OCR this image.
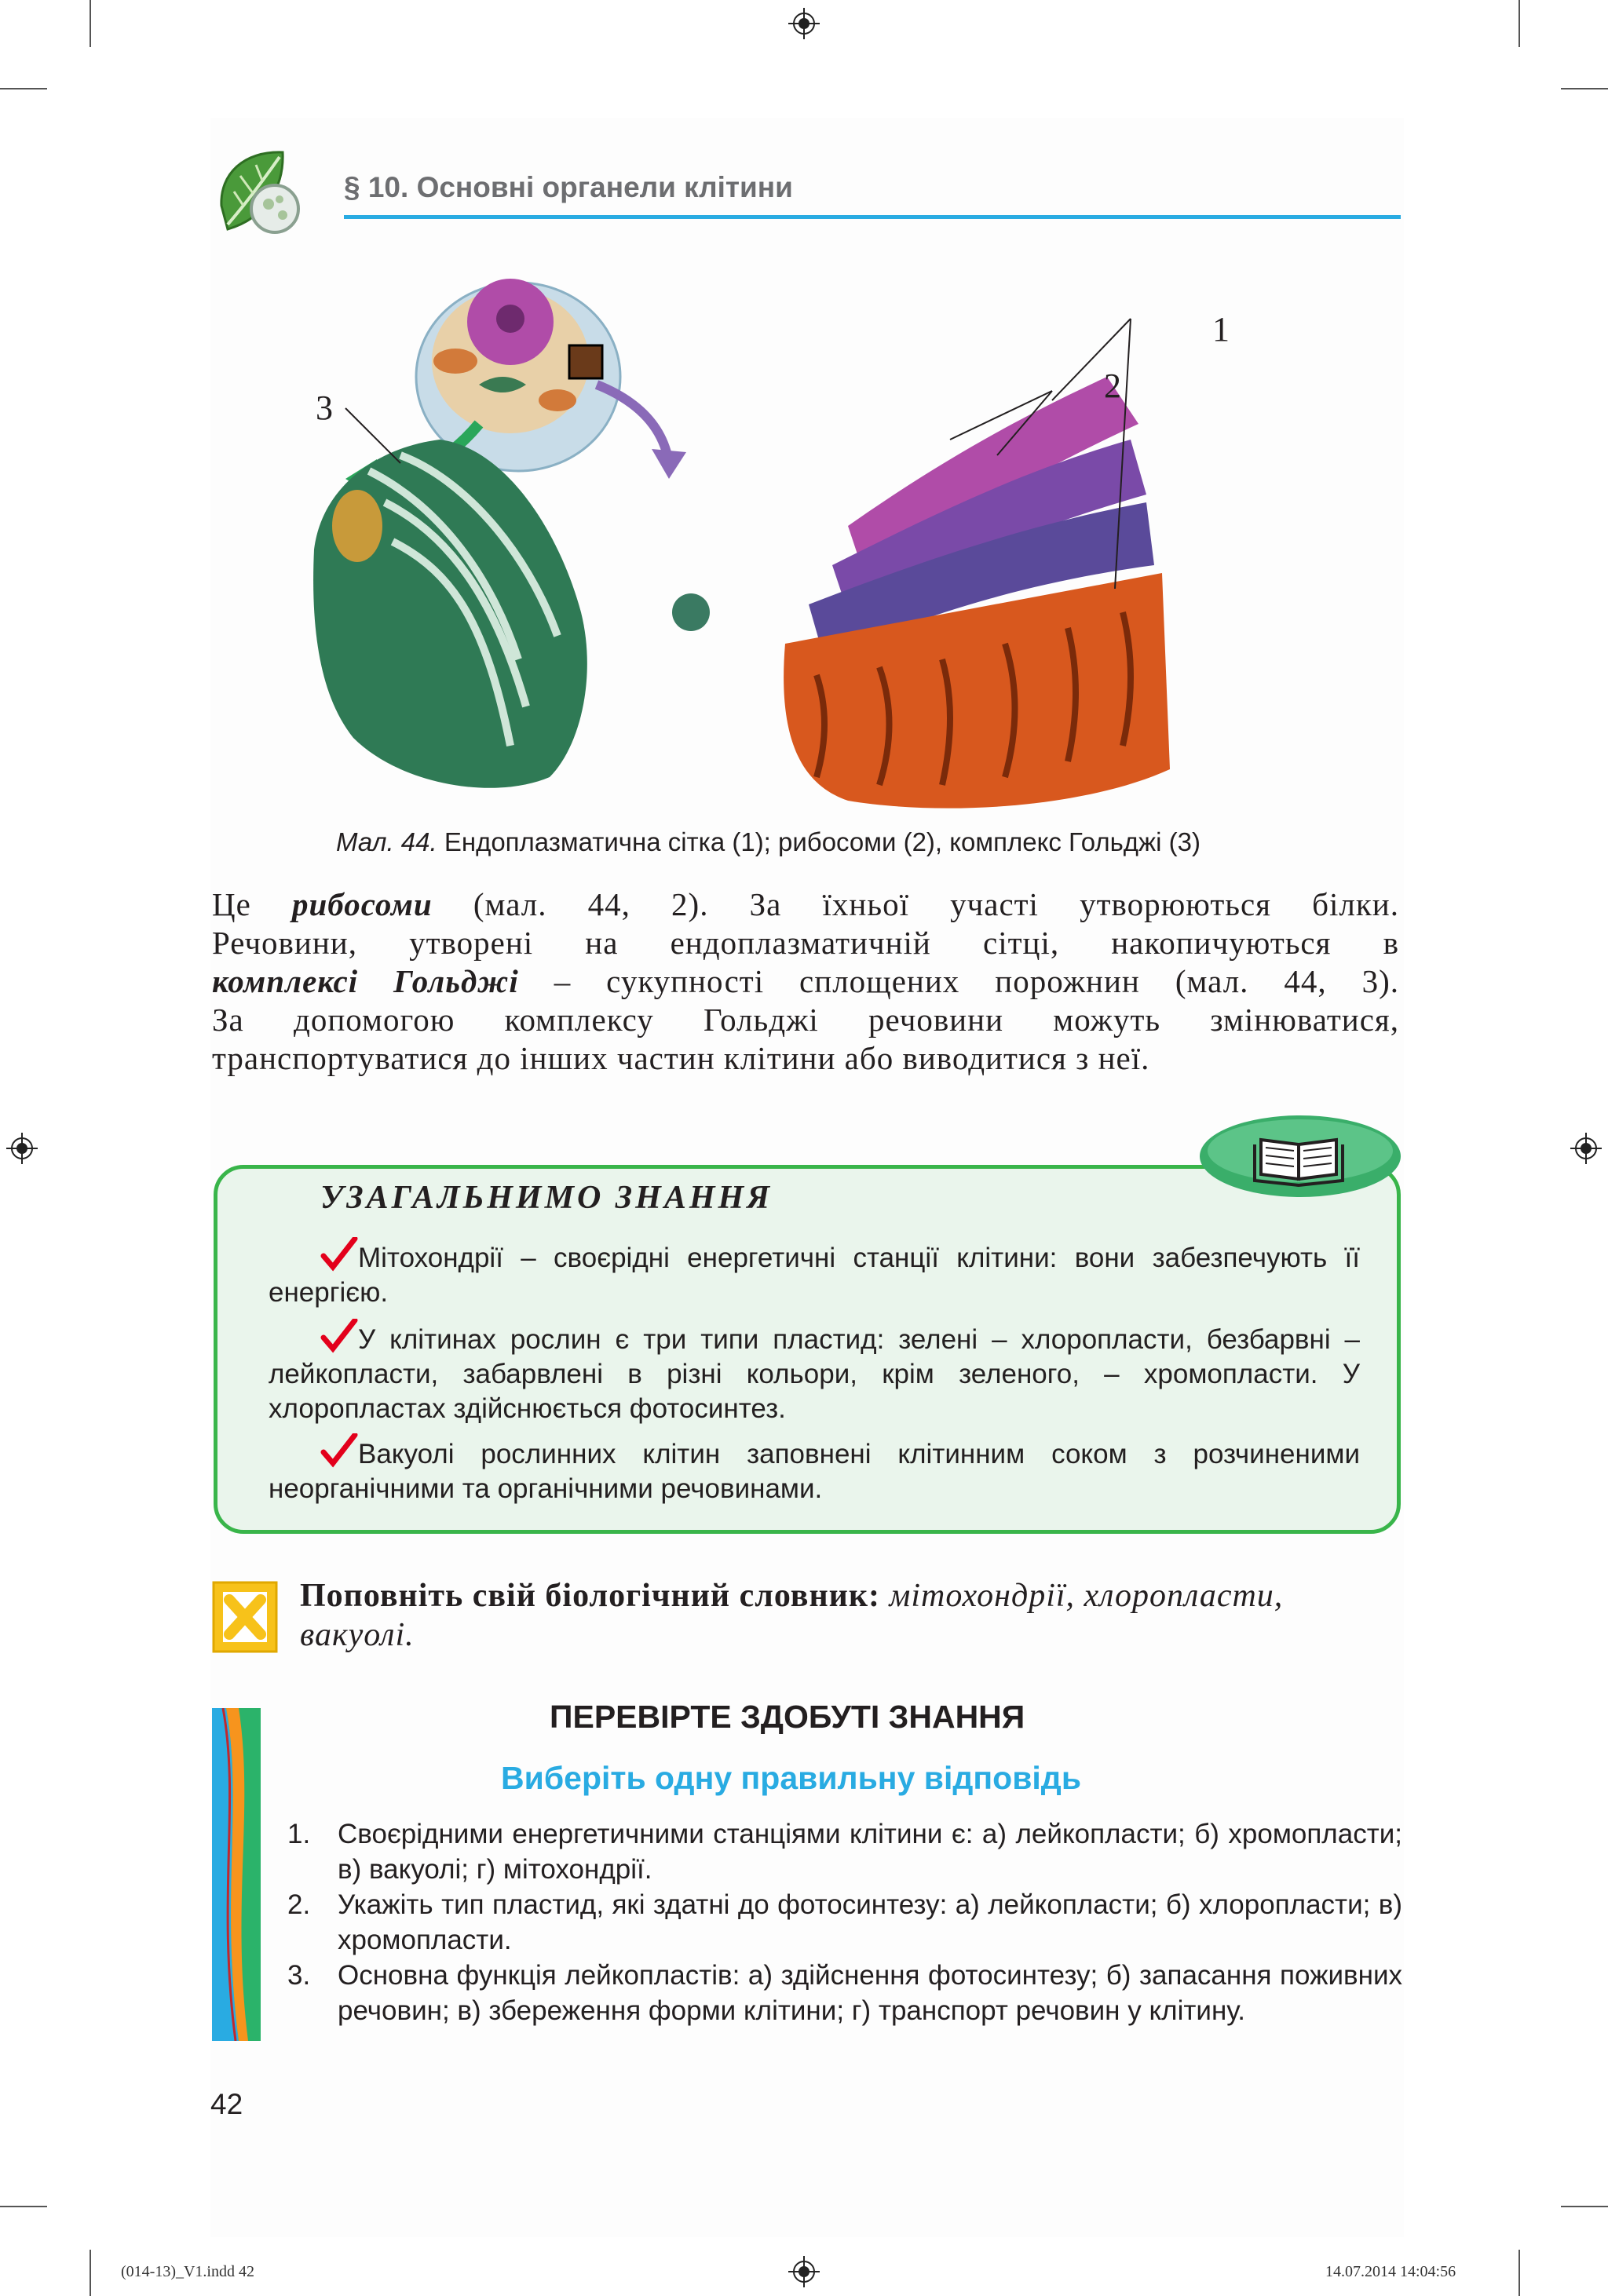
§ 10. Основні органели клітини
1
2
3
Мал. 44. Ендоплазматична сітка (1); рибосоми (2), комплекс Гольджі (3)
Це рибосоми (мал. 44, 2). За їхньої участі утворюються білки.
Речовини, утворені на ендоплазматичній сітці, накопичуються в
комплексі Гольджі – сукупності сплощених порожнин (мал. 44, 3).
За допомогою комплексу Гольджі речовини можуть змінюватися,
транспортуватися до інших частин клітини або виводитися з неї.
УЗАГАЛЬНИМО ЗНАННЯ
Мітохондрії – своєрідні енергетичні станції клітини: вони забезпечують її енергією.
У клітинах рослин є три типи пластид: зелені – хлоропласти, безбарвні – лейкопласти, забарвлені в різні кольори, крім зеленого, – хромопласти. У хлоропластах здійснюється фотосинтез.
Вакуолі рослинних клітин заповнені клітинним соком з розчиненими неорганічними та органічними речовинами.
Поповніть свій біологічний словник: мітохондрії, хлоропласти, вакуолі.
ПЕРЕВІРТЕ ЗДОБУТІ ЗНАННЯ
Виберіть одну правильну відповідь
1. Своєрідними енергетичними станціями клітини є: а) лейкопласти; б) хромопласти; в) вакуолі; г) мітохондрії.
2. Укажіть тип пластид, які здатні до фотосинтезу: а) лейкопласти; б) хлоропласти; в) хромопласти.
3. Основна функція лейкопластів: а) здійснення фотосинтезу; б) запасання поживних речовин; в) збереження форми клітини; г) транспорт речовин у клітину.
42
(014-13)_V1.indd 42	14.07.2014 14:04:56
